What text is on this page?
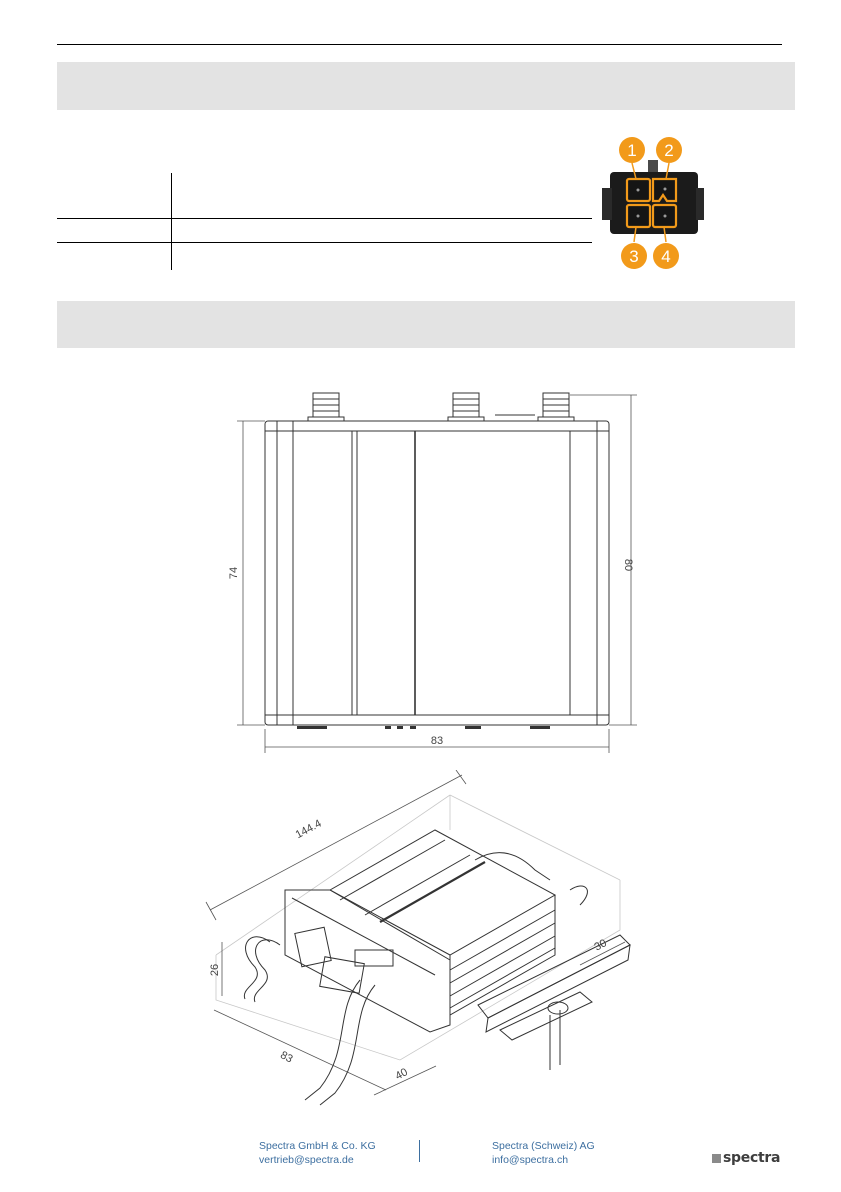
1 2
3 4
74
80
83
144.4
26
83
40
30
Spectra GmbH & Co. KG
vertrieb@spectra.de
Spectra (Schweiz) AG
info@spectra.ch	spectra
